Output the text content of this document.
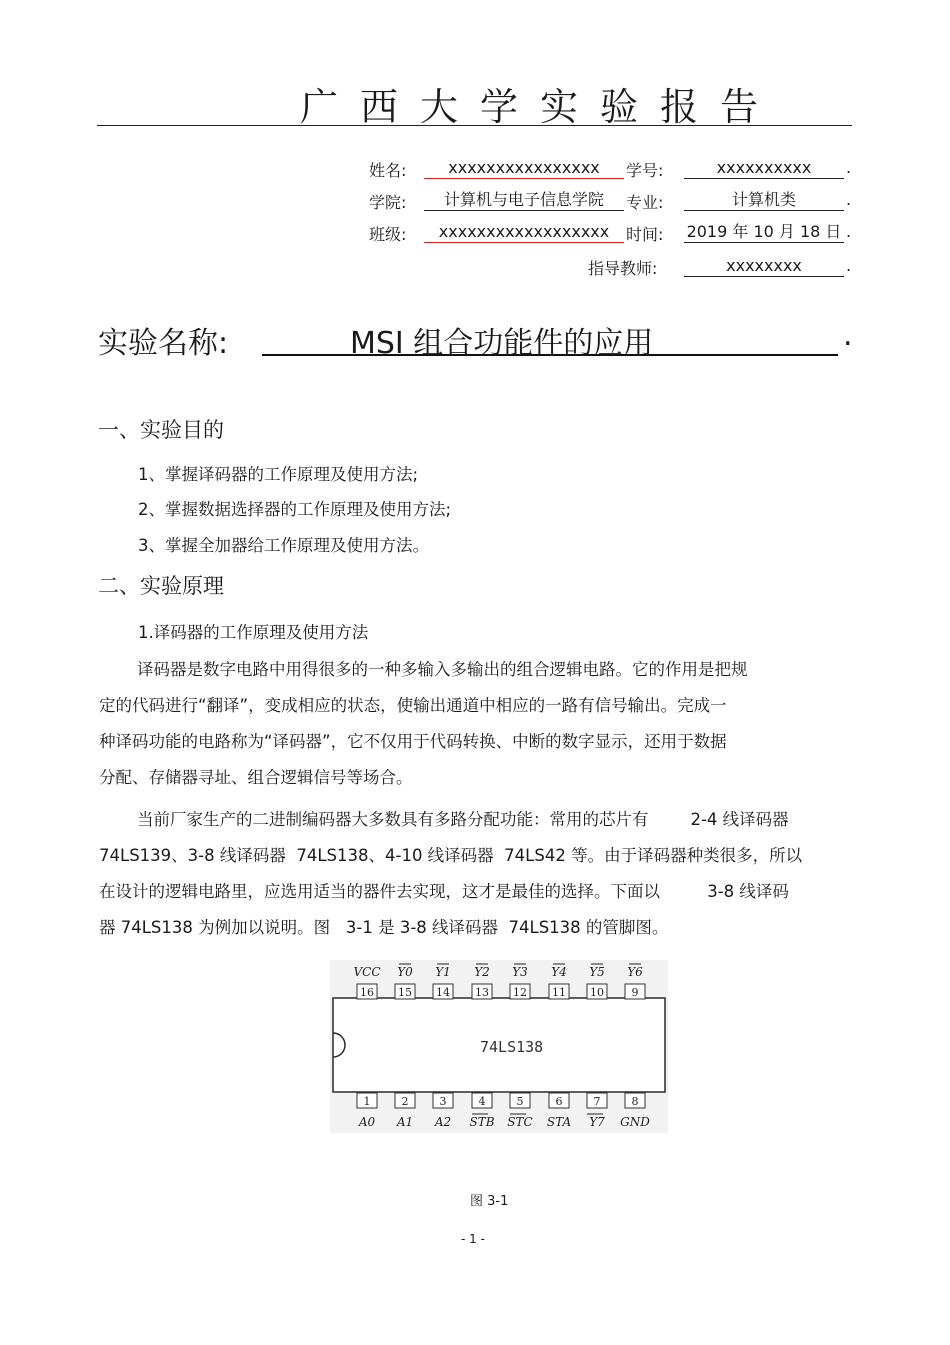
广西大学实验报告
姓名:	xxxxxxxxxxxxxxxx	学号:	xxxxxxxxxx	.
学院:	计算机与电子信息学院	专业:	计算机类	.
班级:	xxxxxxxxxxxxxxxxxx	时间: 2019 年 10 月 18 日 .
指导教师:	xxxxxxxx	.
实验名称:	MSI 组合功能件的应用	.
一、实验目的
1、掌握译码器的工作原理及使用方法;
2、掌握数据选择器的工作原理及使用方法;
3、掌握全加器给工作原理及使用方法。
二、实验原理
1.译码器的工作原理及使用方法
译码器是数字电路中用得很多的一种多输入多输出的组合逻辑电路。它的作用是把规
定的代码进行“翻译”，变成相应的状态，使输出通道中相应的一路有信号输出。完成一
种译码功能的电路称为“译码器”，它不仅用于代码转换、中断的数字显示，还用于数据
分配、存储器寻址、组合逻辑信号等场合。
当前厂家生产的二进制编码器大多数具有多路分配功能：常用的芯片有        2-4 线译码器
74LS139、3-8 线译码器  74LS138、4-10 线译码器  74LS42 等。由于译码器种类很多，所以
在设计的逻辑电路里，应选用适当的器件去实现，这才是最佳的选择。下面以         3-8 线译码
器 74LS138 为例加以说明。图   3-1 是 3-8 线译码器  74LS138 的管脚图。
74LS138
16
VCC
15
Y0
14
Y1
13
Y2
12
Y3
11
Y4
10
Y5
9
Y6
1
A0
2
A1
3
A2
4
STB
5
STC
6
STA
7
Y7
8
GND
图 3-1
- 1 -
